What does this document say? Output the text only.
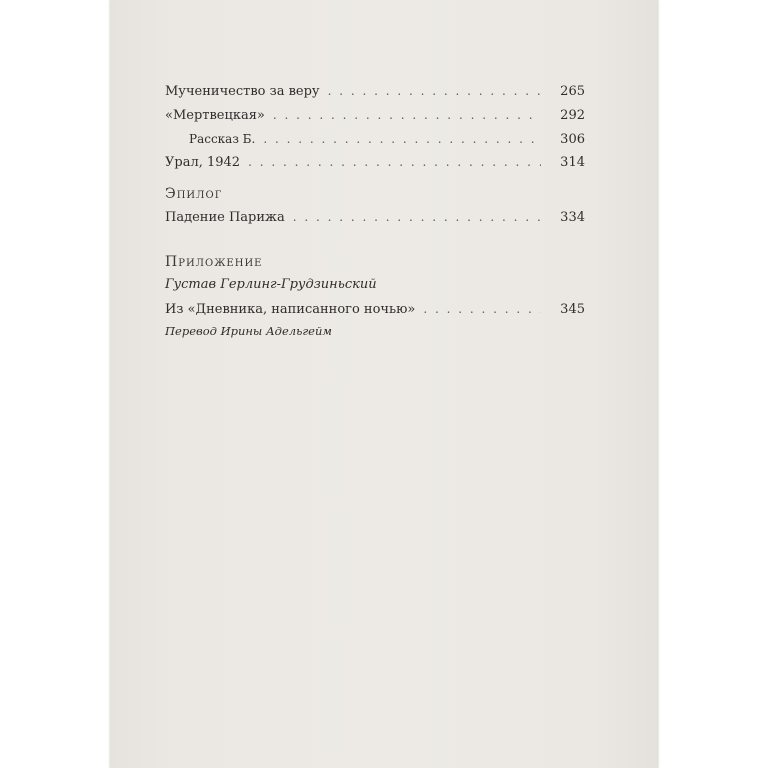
Мученичество за веру . . .	265
«Мертвецкая» . . .	292
Рассказ Б. . . .	306
Урал, 1942 . . .	314
Эпилог
Падение Парижа . . .	334
Приложение
Густав Герлинг-Грудзиньский
Из «Дневника, написанного ночью» . . .	345
Перевод Ирины Адельгейм
